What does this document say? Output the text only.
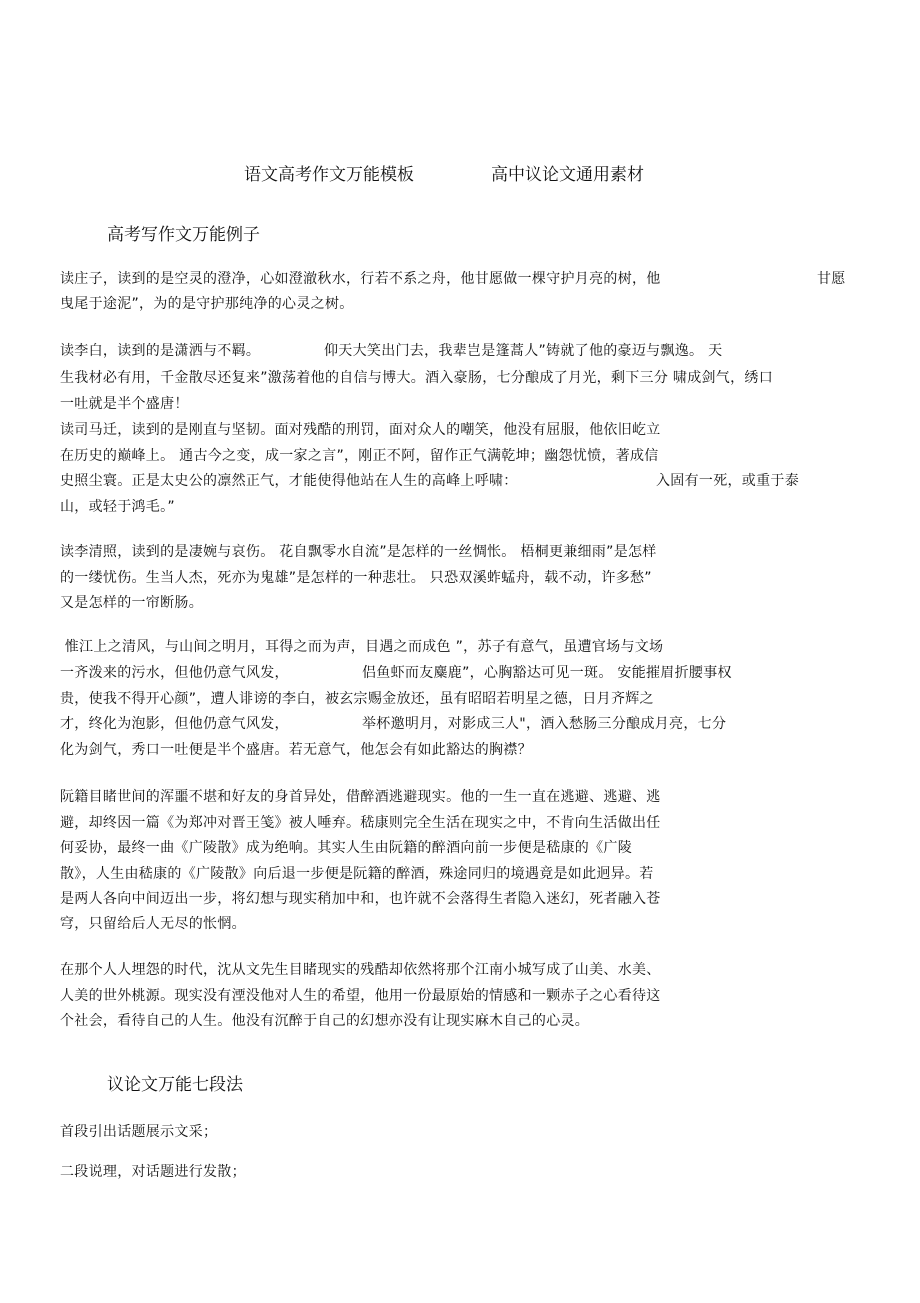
语文高考作文万能模板	高中议论文通用素材
高考写作文万能例子

读庄子，读到的是空灵的澄净，心如澄澈秋水，行若不系之舟，他甘愿做一棵守护月亮的树，他

	甘愿

曳尾于途泥”，为的是守护那纯净的心灵之树。

读李白，读到的是潇洒与不羁。

	仰天大笑出门去，我辈岂是篷蒿人”铸就了他的豪迈与飘逸。 天

生我材必有用，千金散尽还复来”激荡着他的自信与博大。酒入豪肠，七分酿成了月光，剩下三分 啸成剑气，绣口
一吐就是半个盛唐！
读司马迁，读到的是刚直与坚韧。面对残酷的刑罚，面对众人的嘲笑，他没有屈服，他依旧屹立
在历史的巅峰上。 通古今之变，成一家之言”，刚正不阿，留作正气满乾坤；幽怨忧愤，著成信

史照尘寰。正是太史公的凛然正气，才能使得他站在人生的高峰上呼啸：

	入固有一死，或重于泰

山，或轻于鸿毛。”
读李清照，读到的是凄婉与哀伤。 花自飘零水自流”是怎样的一丝惆怅。 梧桐更兼细雨”是怎样
的一缕忧伤。生当人杰，死亦为鬼雄”是怎样的一种悲壮。 只恐双溪蚱蜢舟，载不动，许多愁”
又是怎样的一帘断肠。
惟江上之清风，与山间之明月，耳得之而为声，目遇之而成色 ”，苏子有意气，虽遭官场与文场

一齐泼来的污水，但他仍意气风发，

	侣鱼虾而友麋鹿”，心胸豁达可见一斑。 安能摧眉折腰事权

贵，使我不得开心颜”，遭人诽谤的李白，被玄宗赐金放还，虽有昭昭若明星之德，日月齐辉之

才，终化为泡影，但他仍意气风发，

	举杯邀明月，对影成三人"，酒入愁肠三分酿成月亮，七分

化为剑气，秀口一吐便是半个盛唐。若无意气，他怎会有如此豁达的胸襟？
阮籍目睹世间的浑噩不堪和好友的身首异处，借醉酒逃避现实。他的一生一直在逃避、逃避、逃
避，却终因一篇《为郑冲对晋王笺》被人唾弃。嵇康则完全生活在现实之中，不肯向生活做出任
何妥协，最终一曲《广陵散》成为绝响。其实人生由阮籍的醉酒向前一步便是嵇康的《广陵
散》，人生由嵇康的《广陵散》向后退一步便是阮籍的醉酒，殊途同归的境遇竟是如此迥异。若
是两人各向中间迈出一步，将幻想与现实稍加中和，也许就不会落得生者隐入迷幻，死者融入苍
穹，只留给后人无尽的怅惘。
在那个人人埋怨的时代，沈从文先生目睹现实的残酷却依然将那个江南小城写成了山美、水美、
人美的世外桃源。现实没有湮没他对人生的希望，他用一份最原始的情感和一颗赤子之心看待这
个社会，看待自己的人生。他没有沉醉于自己的幻想亦没有让现实麻木自己的心灵。
议论文万能七段法
首段引出话题展示文采；
二段说理，对话题进行发散；
